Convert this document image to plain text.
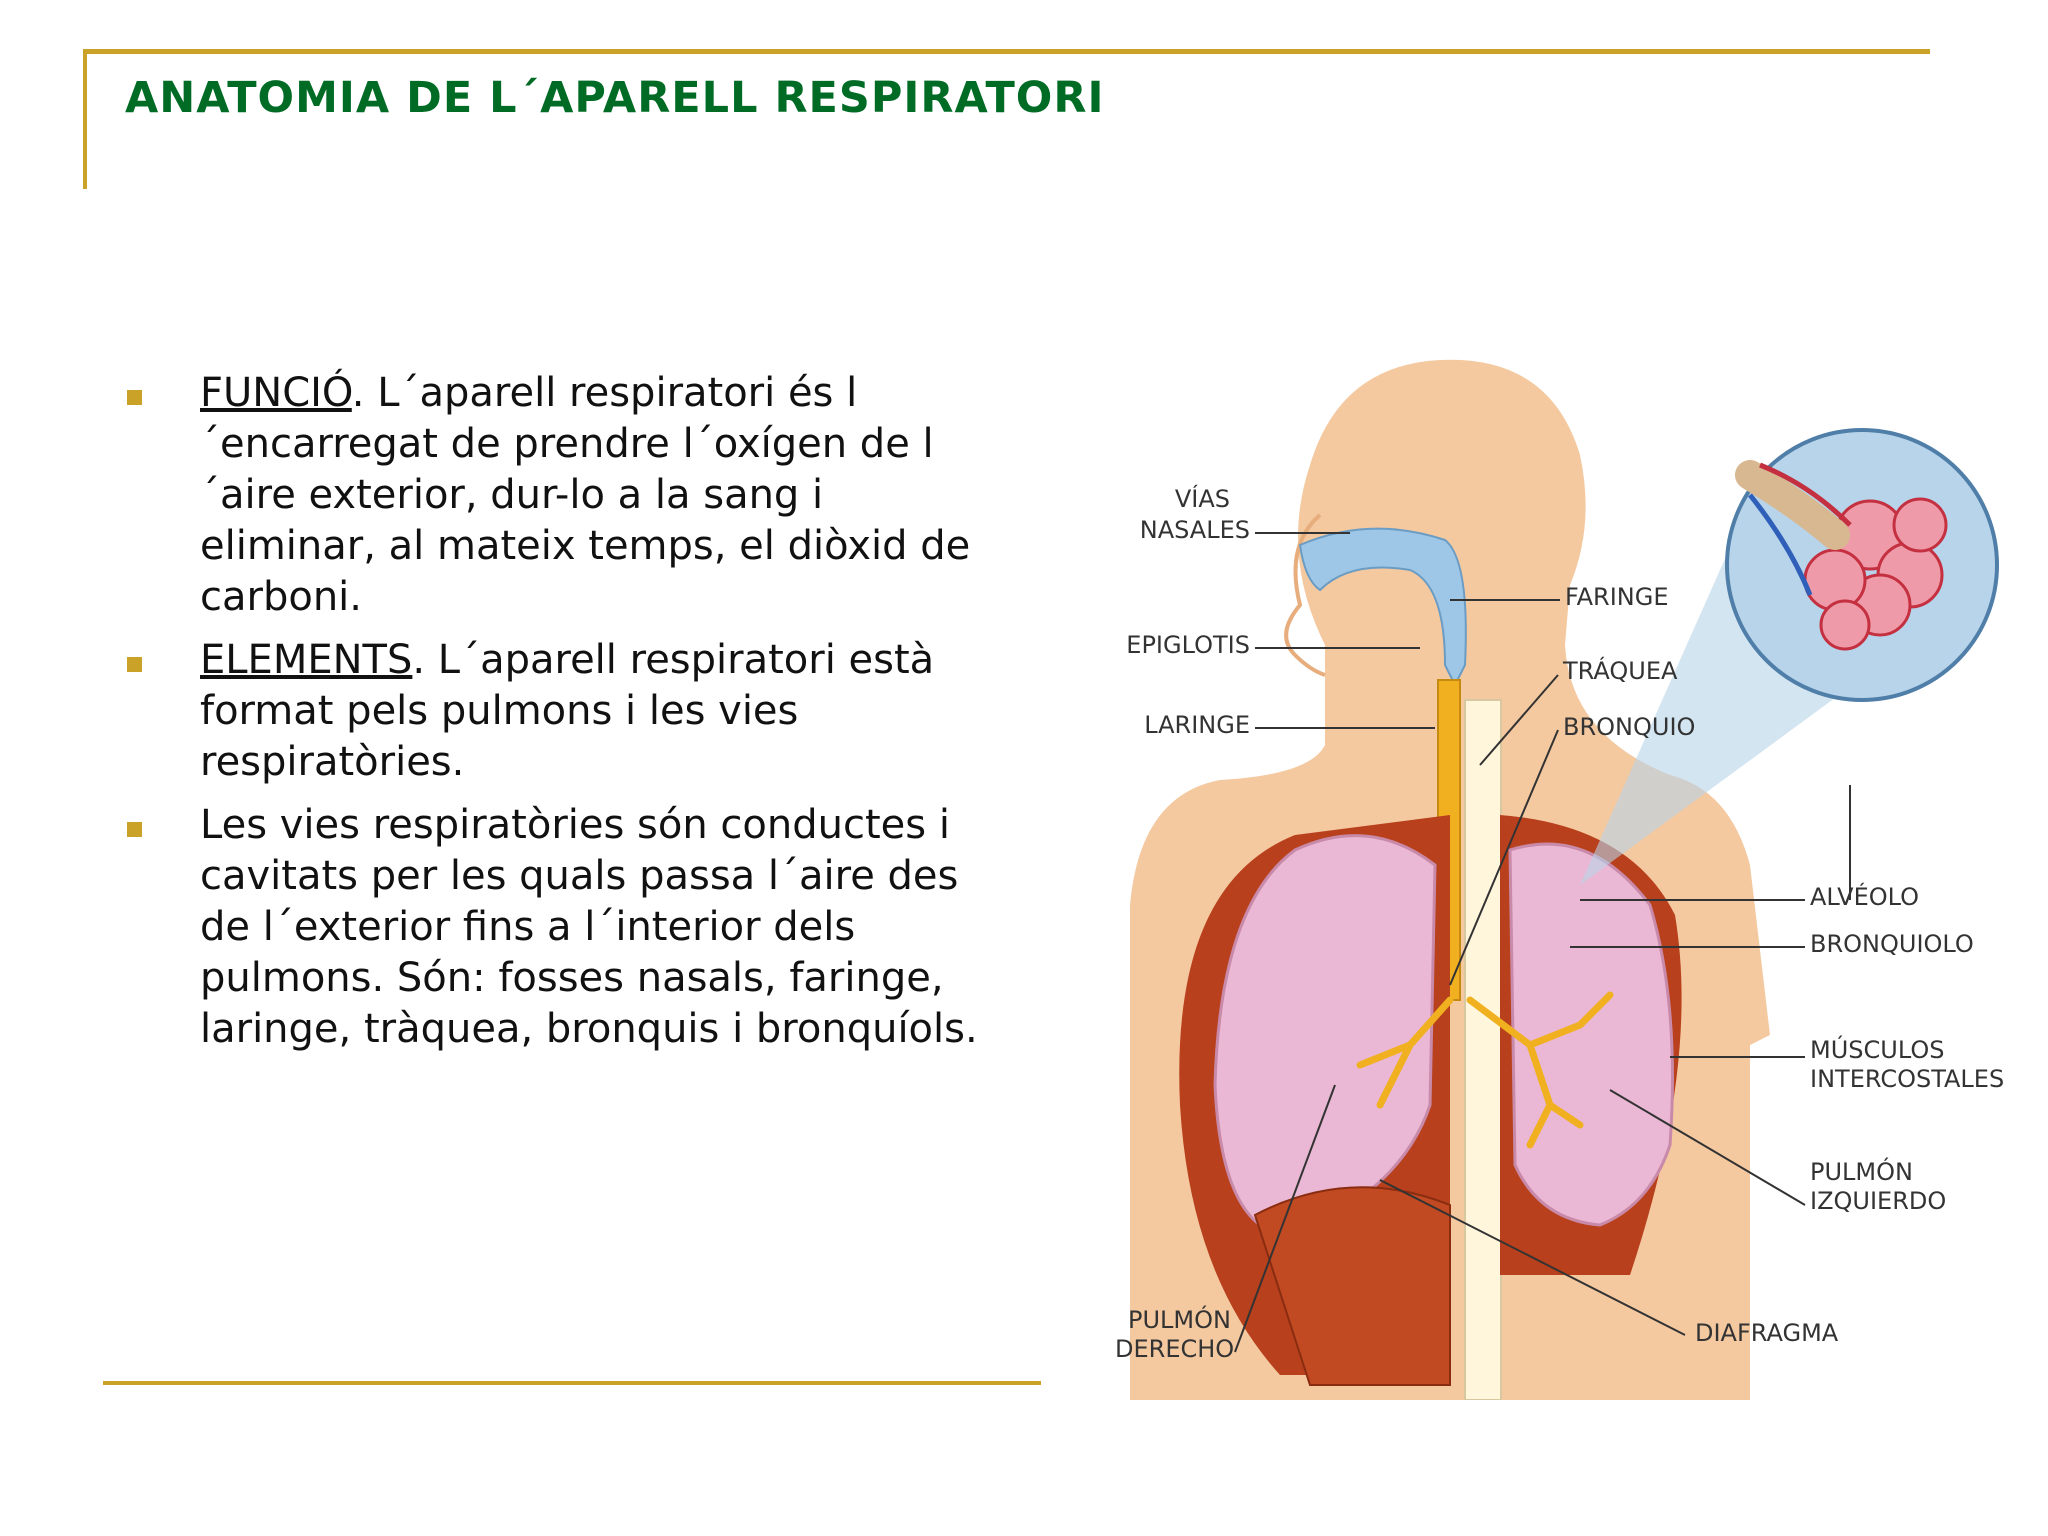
ANATOMIA DE L´APARELL RESPIRATORI
FUNCIÓ. L´aparell respiratori és l´encarregat de prendre l´oxígen de l´aire exterior, dur-lo a la sang i eliminar, al mateix temps, el diòxid de carboni.
ELEMENTS. L´aparell respiratori està format pels pulmons i les vies respiratòries.
Les vies respiratòries són conductes i cavitats per les quals passa l´aire des de l´exterior fins a l´interior dels pulmons. Són: fosses nasals, faringe, laringe, tràquea, bronquis i bronquíols.
VÍAS
NASALES
EPIGLOTIS
LARINGE
FARINGE
TRÁQUEA
BRONQUIO
ALVÉOLO
BRONQUIOLO
MÚSCULOS
INTERCOSTALES
PULMÓN
IZQUIERDO
DIAFRAGMA
PULMÓN
DERECHO
